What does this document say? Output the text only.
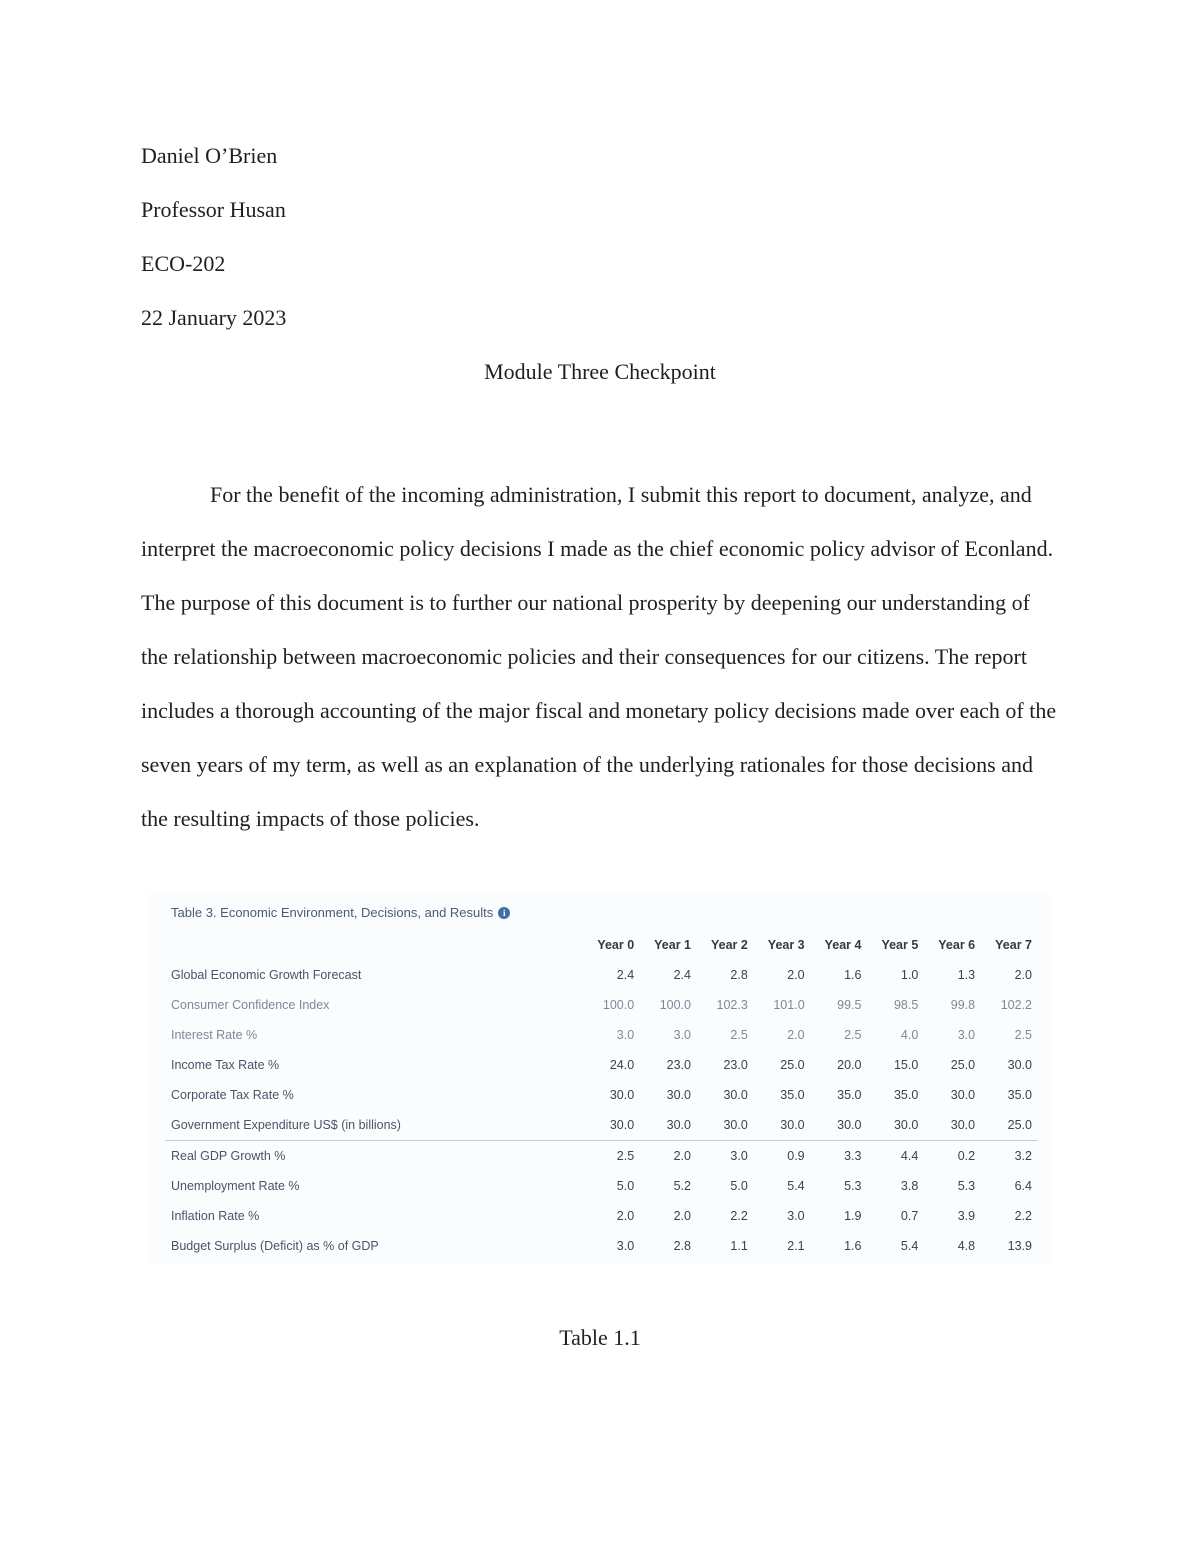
Daniel O’Brien
Professor Husan
ECO-202
22 January 2023
Module Three Checkpoint

For the benefit of the incoming administration, I submit this report to document, analyze, and interpret the macroeconomic policy decisions I made as the chief economic policy advisor of Econland. The purpose of this document is to further our national prosperity by deepening our understanding of the relationship between macroeconomic policies and their consequences for our citizens. The report includes a thorough accounting of the major fiscal and monetary policy decisions made over each of the seven years of my term, as well as an explanation of the underlying rationales for those decisions and the resulting impacts of those policies.

Table 3. Economic Environment, Decisions, and Results	i
	Year 0	Year 1	Year 2	Year 3	Year 4	Year 5	Year 6	Year 7
Global Economic Growth Forecast	2.4	2.4	2.8	2.0	1.6	1.0	1.3	2.0
Consumer Confidence Index	100.0	100.0	102.3	101.0	99.5	98.5	99.8	102.2
Interest Rate %	3.0	3.0	2.5	2.0	2.5	4.0	3.0	2.5
Income Tax Rate %	24.0	23.0	23.0	25.0	20.0	15.0	25.0	30.0
Corporate Tax Rate %	30.0	30.0	30.0	35.0	35.0	35.0	30.0	35.0
Government Expenditure US$ (in billions)	30.0	30.0	30.0	30.0	30.0	30.0	30.0	25.0
Real GDP Growth %	2.5	2.0	3.0	0.9	3.3	4.4	0.2	3.2
Unemployment Rate %	5.0	5.2	5.0	5.4	5.3	3.8	5.3	6.4
Inflation Rate %	2.0	2.0	2.2	3.0	1.9	0.7	3.9	2.2
Budget Surplus (Deficit) as % of GDP	3.0	2.8	1.1	2.1	1.6	5.4	4.8	13.9
Table 1.1
